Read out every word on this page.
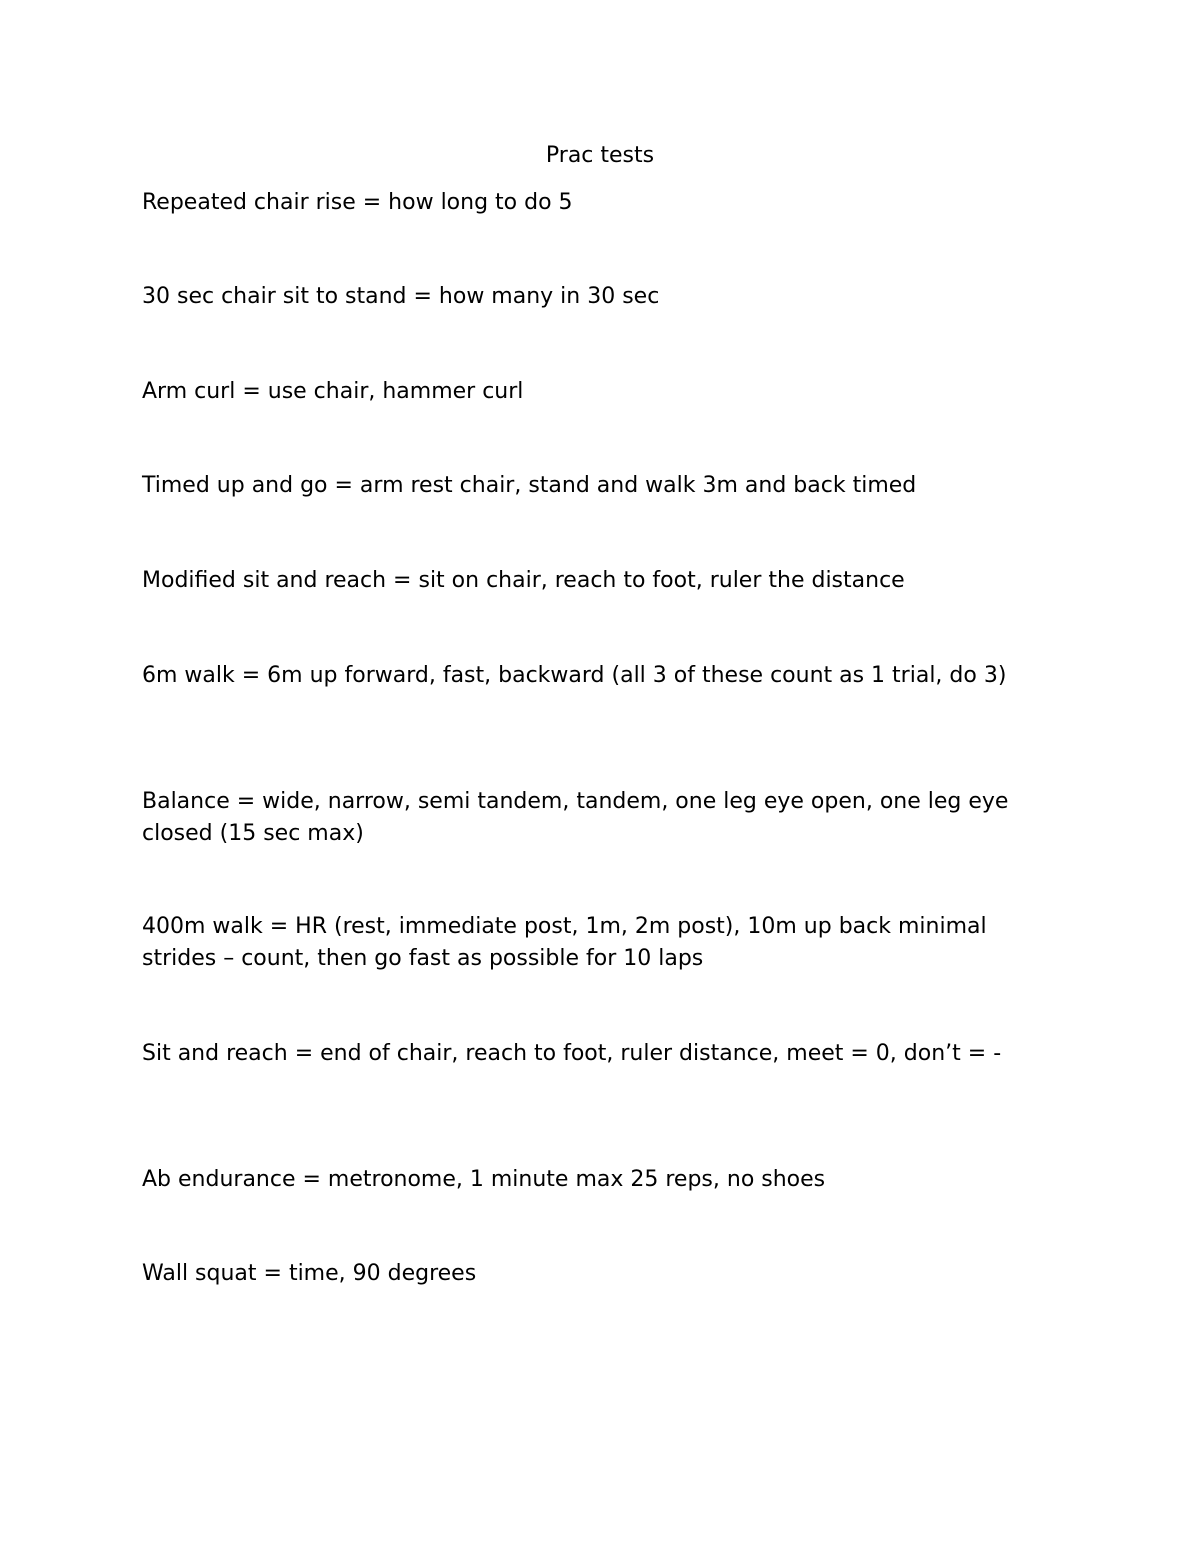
Prac tests

Repeated chair rise = how long to do 5

30 sec chair sit to stand = how many in 30 sec

Arm curl = use chair, hammer curl

Timed up and go = arm rest chair, stand and walk 3m and back timed

Modified sit and reach = sit on chair, reach to foot, ruler the distance

6m walk = 6m up forward, fast, backward (all 3 of these count as 1 trial, do 3)

Balance = wide, narrow, semi tandem, tandem, one leg eye open, one leg eye closed (15 sec max)

400m walk = HR (rest, immediate post, 1m, 2m post), 10m up back minimal strides – count, then go fast as possible for 10 laps

Sit and reach = end of chair, reach to foot, ruler distance, meet = 0, don’t = -

Ab endurance = metronome, 1 minute max 25 reps, no shoes

Wall squat = time, 90 degrees
